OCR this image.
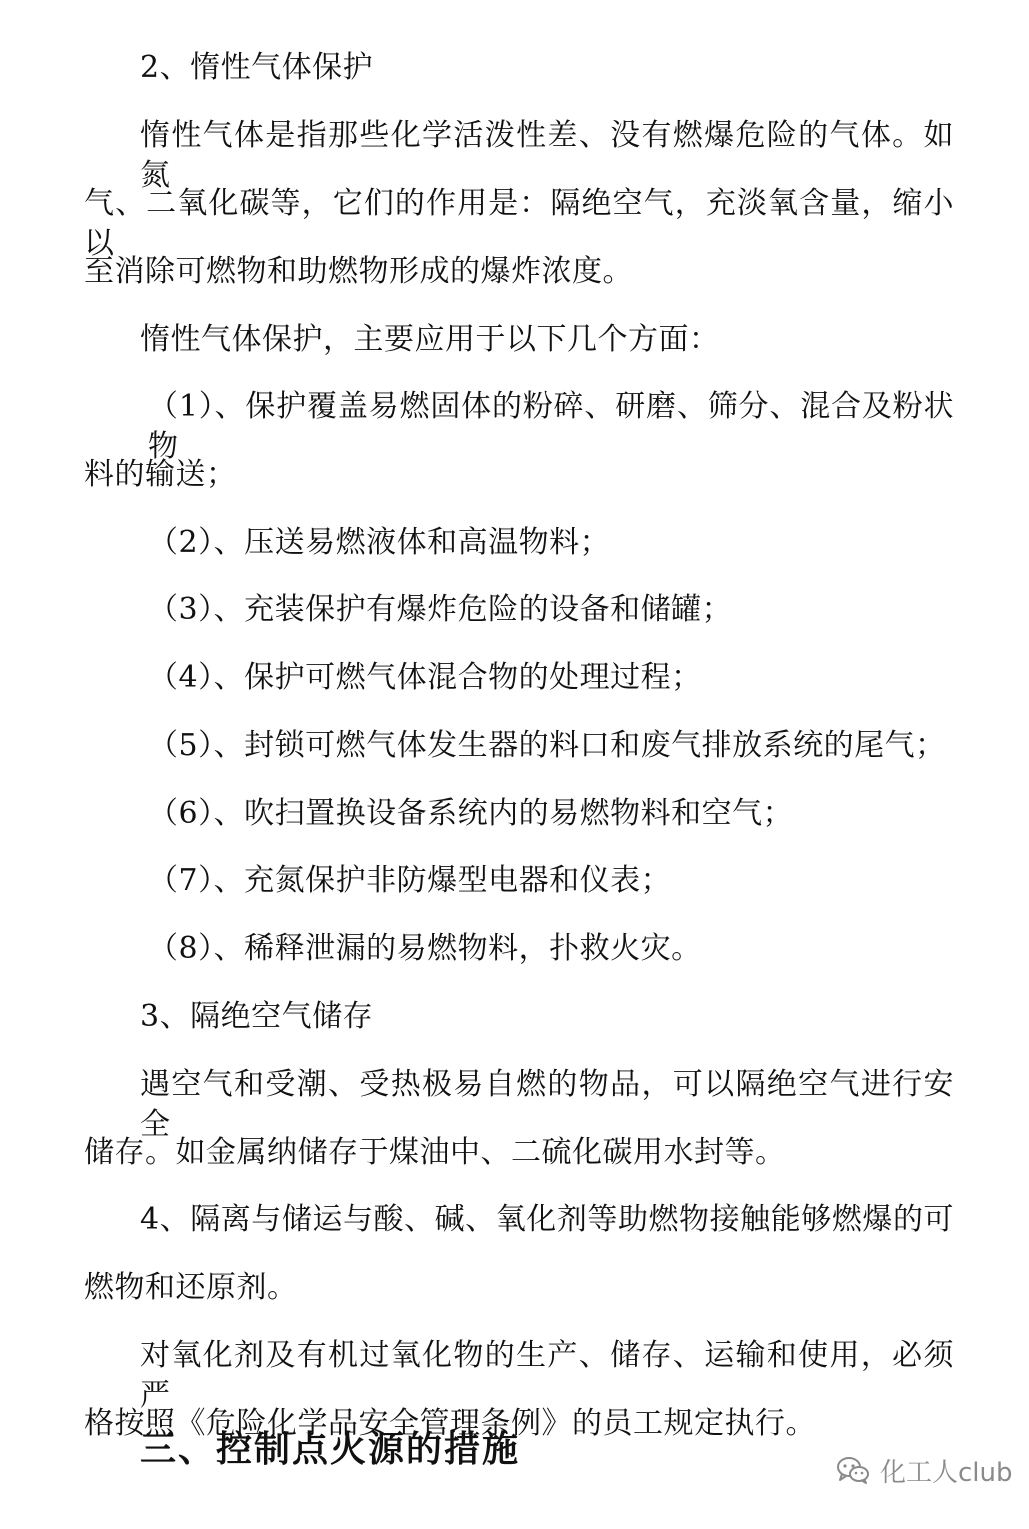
2、惰性气体保护
惰性气体是指那些化学活泼性差、没有燃爆危险的气体。如氮
气、二氧化碳等，它们的作用是：隔绝空气，充淡氧含量，缩小以
至消除可燃物和助燃物形成的爆炸浓度。
惰性气体保护，主要应用于以下几个方面：
（1）、保护覆盖易燃固体的粉碎、研磨、筛分、混合及粉状物
料的输送；
（2）、压送易燃液体和高温物料；
（3）、充装保护有爆炸危险的设备和储罐；
（4）、保护可燃气体混合物的处理过程；
（5）、封锁可燃气体发生器的料口和废气排放系统的尾气；
（6）、吹扫置换设备系统内的易燃物料和空气；
（7）、充氮保护非防爆型电器和仪表；
（8）、稀释泄漏的易燃物料，扑救火灾。
3、隔绝空气储存
遇空气和受潮、受热极易自燃的物品，可以隔绝空气进行安全
储存。如金属纳储存于煤油中、二硫化碳用水封等。
4、隔离与储运与酸、碱、氧化剂等助燃物接触能够燃爆的可
燃物和还原剂。
对氧化剂及有机过氧化物的生产、储存、运输和使用，必须严
格按照《危险化学品安全管理条例》的员工规定执行。
三、控制点火源的措施
化工人club
